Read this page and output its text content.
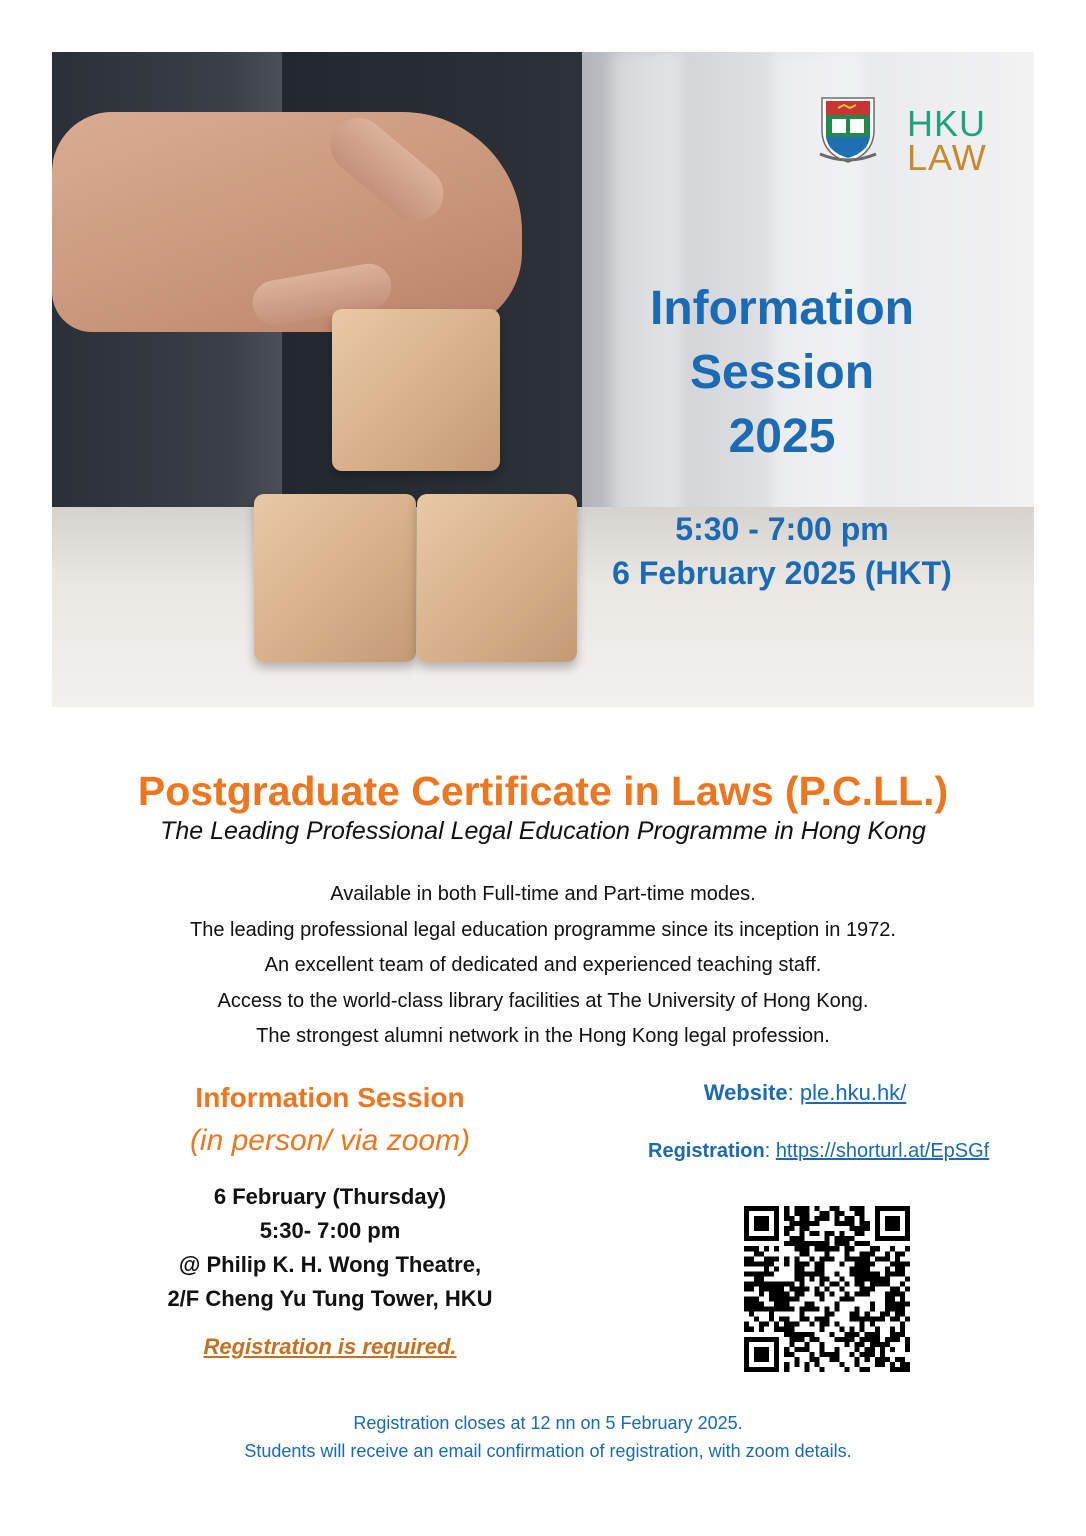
HKU
LAW
Information
Session
2025
5:30 - 7:00 pm
6 February 2025 (HKT)
Postgraduate Certificate in Laws (P.C.LL.)
The Leading Professional Legal Education Programme in Hong Kong
Available in both Full-time and Part-time modes.
The leading professional legal education programme since its inception in 1972.
An excellent team of dedicated and experienced teaching staff.
Access to the world-class library facilities at The University of Hong Kong.
The strongest alumni network in the Hong Kong legal profession.
Information Session
(in person/ via zoom)
6 February (Thursday)
5:30- 7:00 pm
@ Philip K. H. Wong Theatre,
2/F Cheng Yu Tung Tower, HKU
Registration is required.
Website: ple.hku.hk/
Registration: https://shorturl.at/EpSGf
Registration closes at 12 nn on 5 February 2025.
Students will receive an email confirmation of registration, with zoom details.
